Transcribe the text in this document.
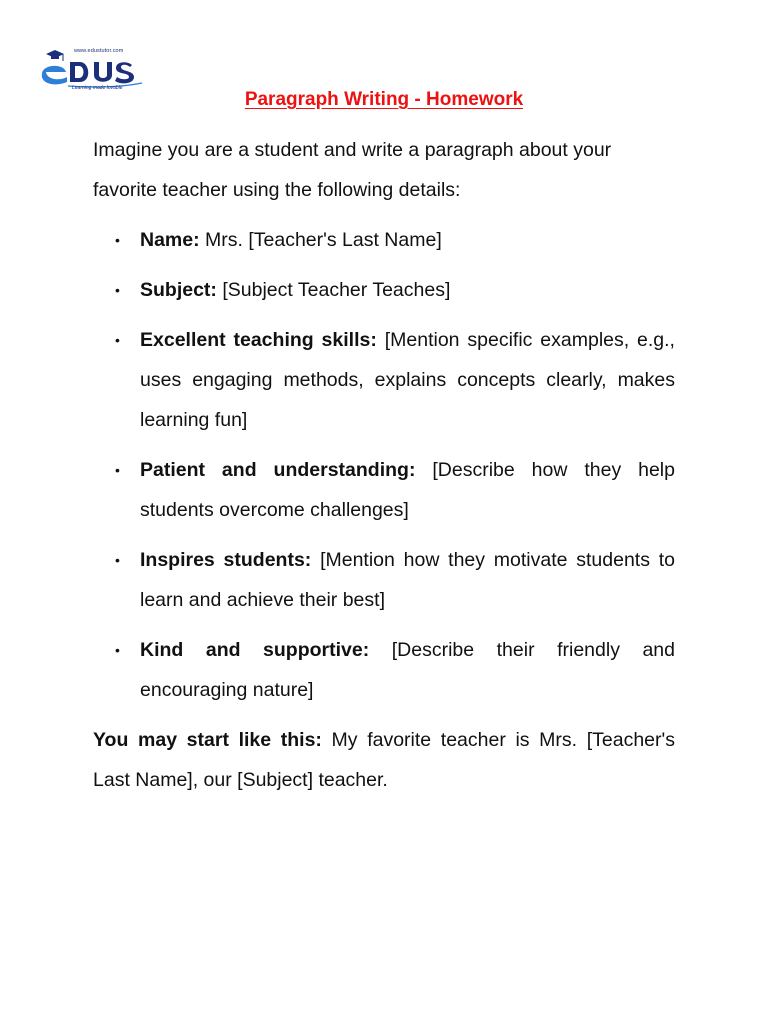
www.edustutor.com
Learning made lovable
Paragraph Writing - Homework

Imagine you are a student and write a paragraph about your favorite teacher using the following details:

• Name: Mrs. [Teacher's Last Name]
• Subject: [Subject Teacher Teaches]
• Excellent teaching skills: [Mention specific examples, e.g., uses engaging methods, explains concepts clearly, makes learning fun]
• Patient and understanding: [Describe how they help students overcome challenges]
• Inspires students: [Mention how they motivate students to learn and achieve their best]
• Kind and supportive: [Describe their friendly and encouraging nature]

You may start like this: My favorite teacher is Mrs. [Teacher's Last Name], our [Subject] teacher.
